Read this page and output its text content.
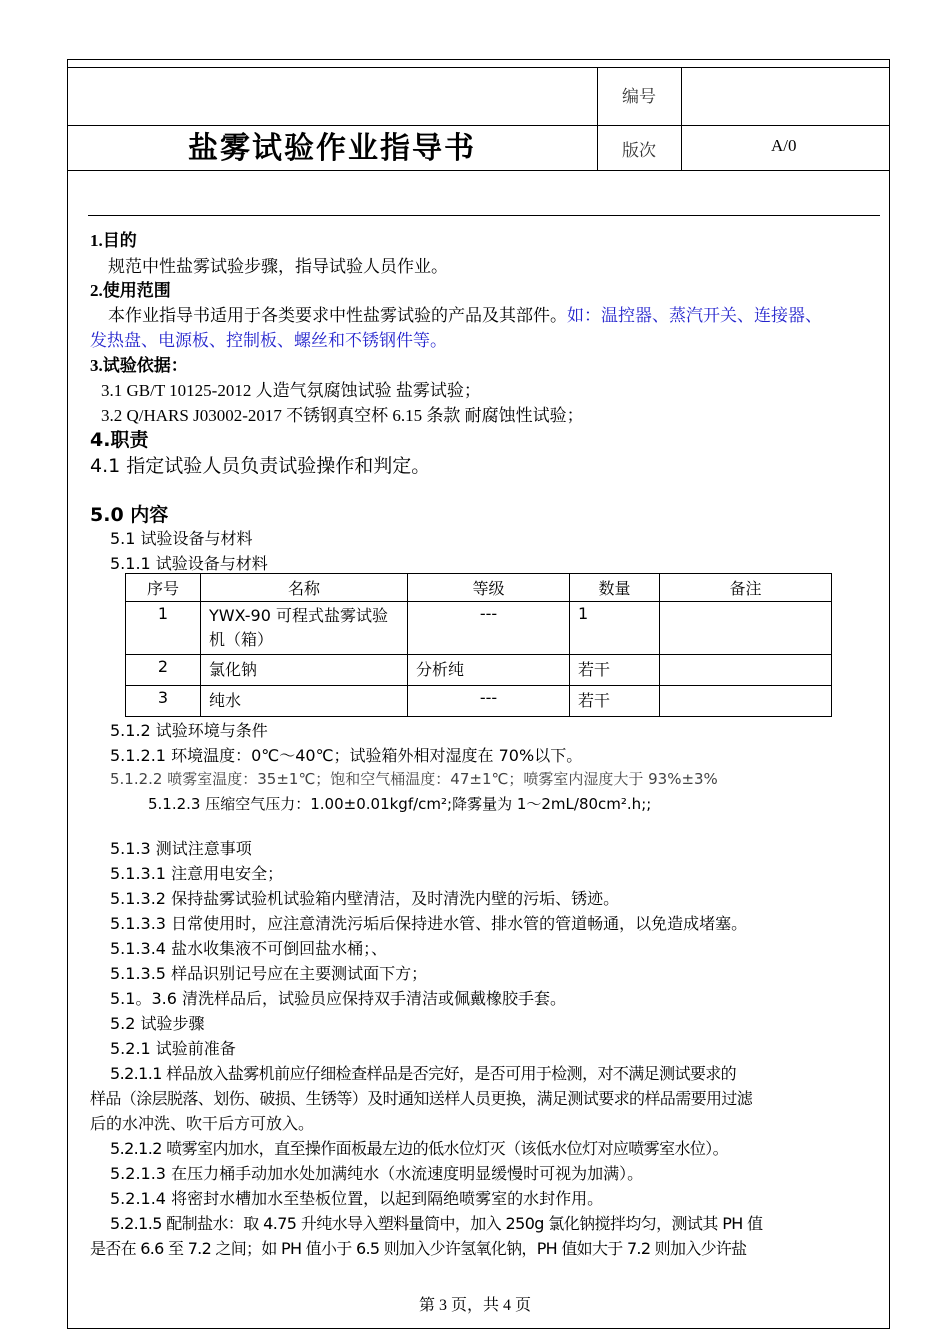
盐雾试验作业指导书
编号
版次	A/0
1.目的
规范中性盐雾试验步骤，指导试验人员作业。
2.使用范围
本作业指导书适用于各类要求中性盐雾试验的产品及其部件。如：温控器、蒸汽开关、连接器、
发热盘、电源板、控制板、螺丝和不锈钢件等。
3.试验依据：
3.1 GB/T 10125-2012 人造气氛腐蚀试验 盐雾试验；
3.2 Q/HARS J03002-2017 不锈钢真空杯 6.15 条款 耐腐蚀性试验；
4.职责
4.1 指定试验人员负责试验操作和判定。
5.0 内容
5.1 试验设备与材料
5.1.1 试验设备与材料
序号	名称	等级	数量	备注
1	YWX-90 可程式盐雾试验机（箱）	---	1	
2	氯化钠	分析纯	若干	
3	纯水	---	若干	
5.1.2 试验环境与条件
5.1.2.1 环境温度：0℃～40℃；试验箱外相对湿度在 70%以下。
5.1.2.2 喷雾室温度：35±1℃；饱和空气桶温度：47±1℃；喷雾室内湿度大于 93%±3%
5.1.2.3 压缩空气压力：1.00±0.01kgf/cm²;降雾量为 1～2mL/80cm².h;;
5.1.3 测试注意事项
5.1.3.1 注意用电安全；
5.1.3.2 保持盐雾试验机试验箱内壁清洁，及时清洗内壁的污垢、锈迹。
5.1.3.3 日常使用时，应注意清洗污垢后保持进水管、排水管的管道畅通，以免造成堵塞。
5.1.3.4 盐水收集液不可倒回盐水桶；、
5.1.3.5 样品识别记号应在主要测试面下方；
5.1。3.6 清洗样品后，试验员应保持双手清洁或佩戴橡胶手套。
5.2 试验步骤
5.2.1 试验前准备
5.2.1.1 样品放入盐雾机前应仔细检查样品是否完好，是否可用于检测，对不满足测试要求的
样品（涂层脱落、划伤、破损、生锈等）及时通知送样人员更换，满足测试要求的样品需要用过滤
后的水冲洗、吹干后方可放入。
5.2.1.2 喷雾室内加水，直至操作面板最左边的低水位灯灭（该低水位灯对应喷雾室水位）。
5.2.1.3 在压力桶手动加水处加满纯水（水流速度明显缓慢时可视为加满）。
5.2.1.4 将密封水槽加水至垫板位置，以起到隔绝喷雾室的水封作用。
5.2.1.5 配制盐水：取 4.75 升纯水导入塑料量筒中，加入 250g 氯化钠搅拌均匀，测试其 PH 值
是否在 6.6 至 7.2 之间；如 PH 值小于 6.5 则加入少许氢氧化钠，PH 值如大于 7.2 则加入少许盐
第 3 页，共 4 页
